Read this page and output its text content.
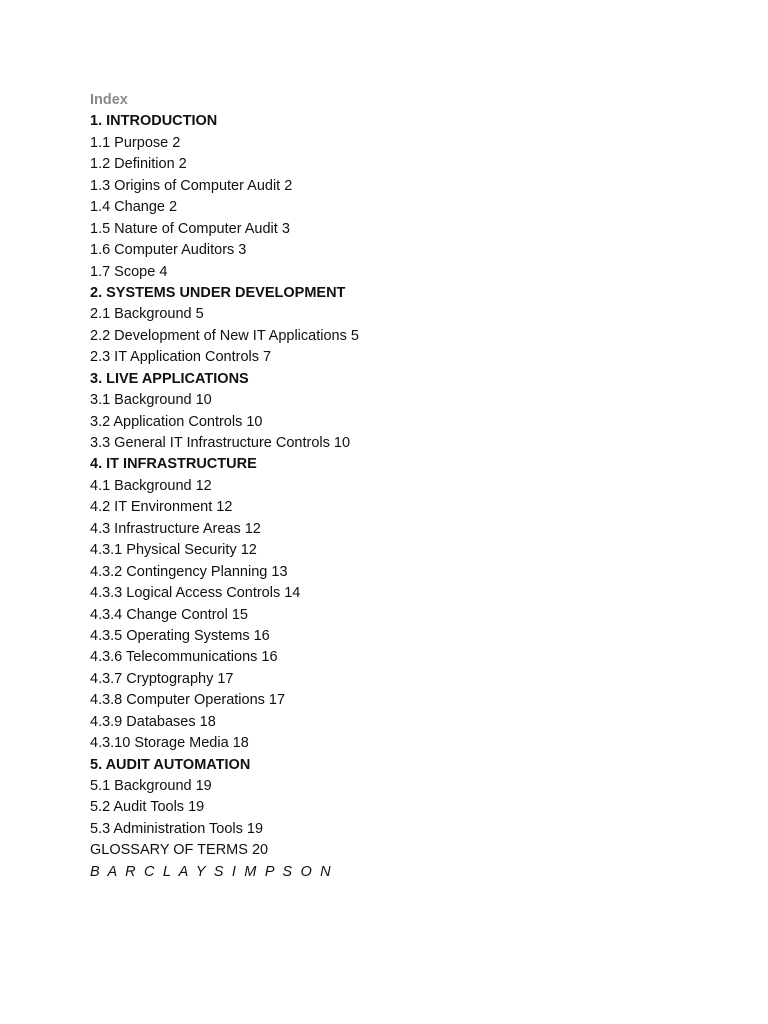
Index
1. INTRODUCTION
1.1 Purpose 2
1.2 Definition 2
1.3 Origins of Computer Audit 2
1.4 Change 2
1.5 Nature of Computer Audit 3
1.6 Computer Auditors 3
1.7 Scope 4
2. SYSTEMS UNDER DEVELOPMENT
2.1 Background 5
2.2 Development of New IT Applications 5
2.3 IT Application Controls 7
3. LIVE APPLICATIONS
3.1 Background 10
3.2 Application Controls 10
3.3 General IT Infrastructure Controls 10
4. IT INFRASTRUCTURE
4.1 Background 12
4.2 IT Environment 12
4.3 Infrastructure Areas 12
4.3.1 Physical Security 12
4.3.2 Contingency Planning 13
4.3.3 Logical Access Controls 14
4.3.4 Change Control 15
4.3.5 Operating Systems 16
4.3.6 Telecommunications 16
4.3.7 Cryptography 17
4.3.8 Computer Operations 17
4.3.9 Databases 18
4.3.10 Storage Media 18
5. AUDIT AUTOMATION
5.1 Background 19
5.2 Audit Tools 19
5.3 Administration Tools 19
GLOSSARY OF TERMS 20
B A R C L A Y S I M P S O N
